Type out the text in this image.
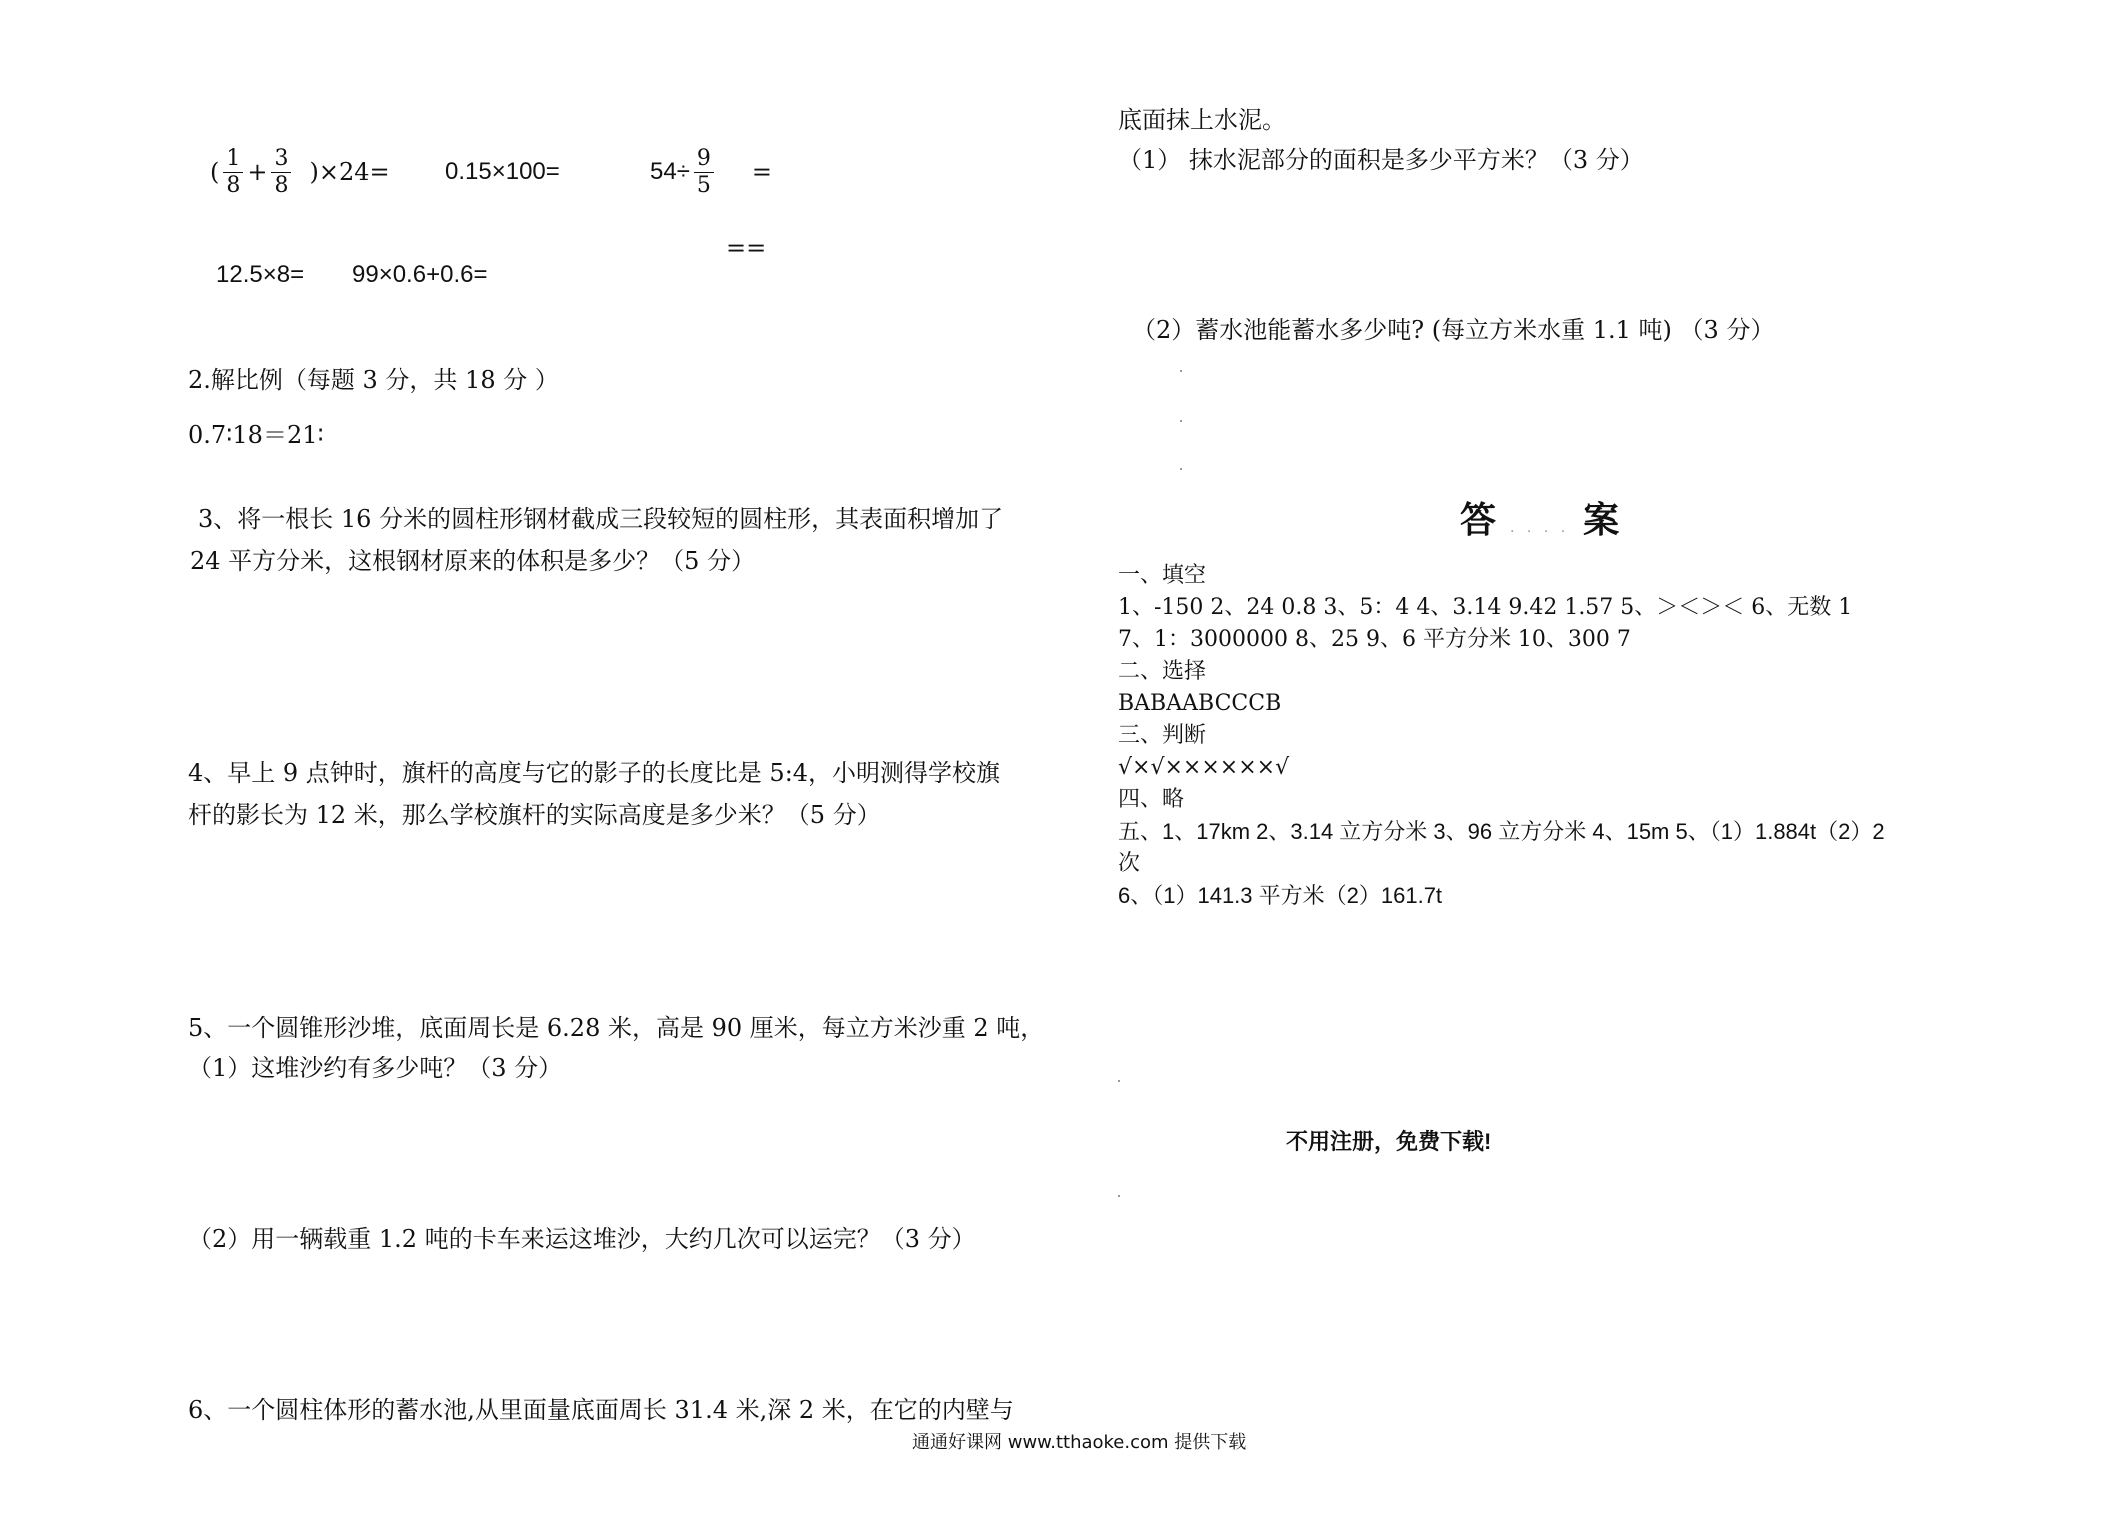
( $\frac{1}{8} + \frac{3}{8} )\times 24= 0.15\times 100=$	$54\div \frac{9}{5}$ =
==
12.5×8= 99×0.6+0.6=
2.解比例（每题 3 分，共 18 分 ）
0.7∶18＝21∶
3、将一根长 16 分米的圆柱形钢材截成三段较短的圆柱形，其表面积增加了
24 平方分米，这根钢材原来的体积是多少？（5 分）
4、早上 9 点钟时，旗杆的高度与它的影子的长度比是 5:4，小明测得学校旗
杆的影长为 12 米，那么学校旗杆的实际高度是多少米？（5 分）
5、一个圆锥形沙堆，底面周长是 6.28 米，高是 90 厘米，每立方米沙重 2 吨，
（1）这堆沙约有多少吨？（3 分）
（2）用一辆载重 1.2 吨的卡车来运这堆沙，大约几次可以运完？（3 分）
6、一个圆柱体形的蓄水池,从里面量底面周长 31.4 米,深 2 米，在它的内壁与
底面抹上水泥。
（1） 抹水泥部分的面积是多少平方米？（3 分）
（2）蓄水池能蓄水多少吨? (每立方米水重 1.1 吨) （3 分）
答 . . . . 案
一、填空
1、-150 2、24 0.8 3、5：4 4、3.14 9.42 1.57 5、＞＜＞＜ 6、无数 1
7、1：3000000 8、25 9、6 平方分米 10、300 7
二、选择
BABAABCCCB
三、判断
√×√××××××√
四、略
五、1、17km 2、3.14 立方分米 3、96 立方分米 4、15m 5、（1）1.884t（2）2
次
6、（1）141.3 平方米（2）161.7t
不用注册，免费下载!
通通好课网 www.tthaoke.com 提供下载
